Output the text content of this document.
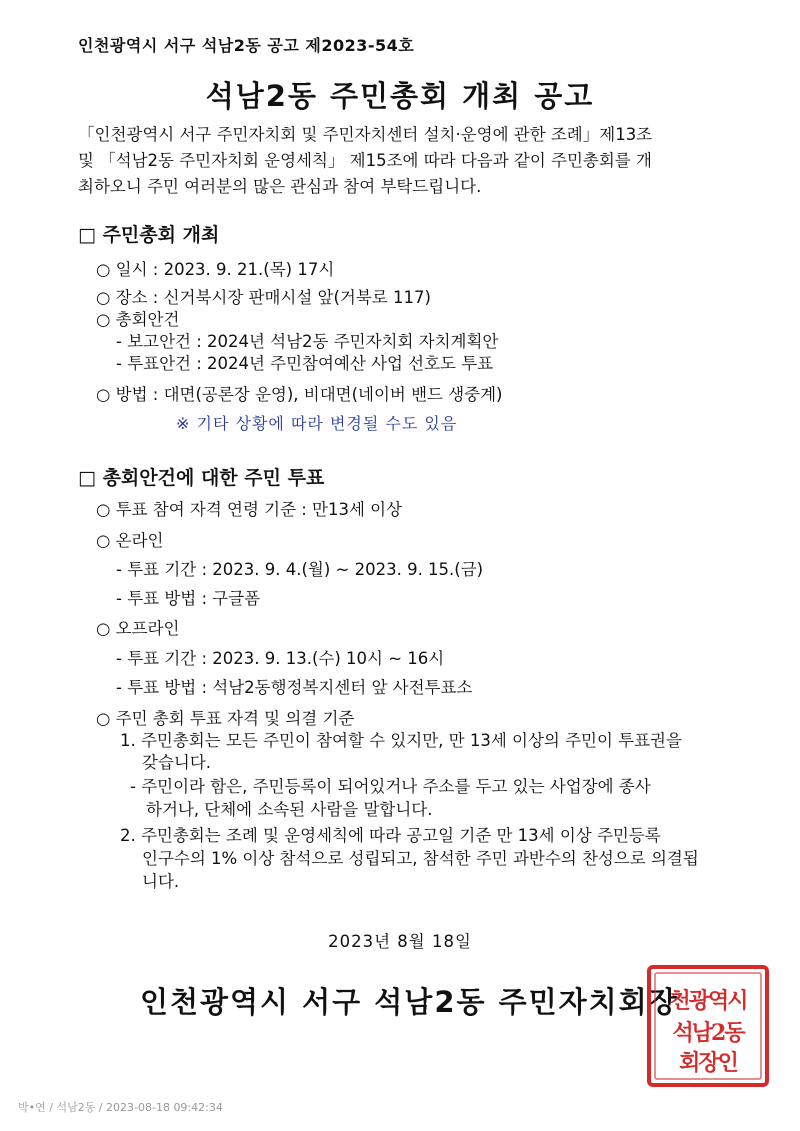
인천광역시 서구 석남2동 공고 제2023-54호
석남2동 주민총회 개최 공고
「인천광역시 서구 주민자치회 및 주민자치센터 설치·운영에 관한 조례」제13조
및 「석남2동 주민자치회 운영세칙」 제15조에 따라 다음과 같이 주민총회를 개
최하오니 주민 여러분의 많은 관심과 참여 부탁드립니다.
□ 주민총회 개최
○ 일시 : 2023. 9. 21.(목) 17시
○ 장소 : 신거북시장 판매시설 앞(거북로 117)
○ 총회안건
- 보고안건 : 2024년 석남2동 주민자치회 자치계획안
- 투표안건 : 2024년 주민참여예산 사업 선호도 투표
○ 방법 : 대면(공론장 운영), 비대면(네이버 밴드 생중계)
※ 기타 상황에 따라 변경될 수도 있음
□ 총회안건에 대한 주민 투표
○ 투표 참여 자격 연령 기준 : 만13세 이상
○ 온라인
- 투표 기간 : 2023. 9. 4.(월) ~ 2023. 9. 15.(금)
- 투표 방법 : 구글폼
○ 오프라인
- 투표 기간 : 2023. 9. 13.(수) 10시 ~ 16시
- 투표 방법 : 석남2동행정복지센터 앞 사전투표소
○ 주민 총회 투표 자격 및 의결 기준
1. 주민총회는 모든 주민이 참여할 수 있지만, 만 13세 이상의 주민이 투표권을
갖습니다.
- 주민이라 함은, 주민등록이 되어있거나 주소를 두고 있는 사업장에 종사
하거나, 단체에 소속된 사람을 말합니다.
2. 주민총회는 조례 및 운영세칙에 따라 공고일 기준 만 13세 이상 주민등록
인구수의 1% 이상 참석으로 성립되고, 참석한 주민 과반수의 찬성으로 의결됩
니다.
2023년 8월 18일
인천광역시 서구 석남2동 주민자치회장
천광역시
석남2동
회장인
박•연 / 석남2동 / 2023-08-18 09:42:34
